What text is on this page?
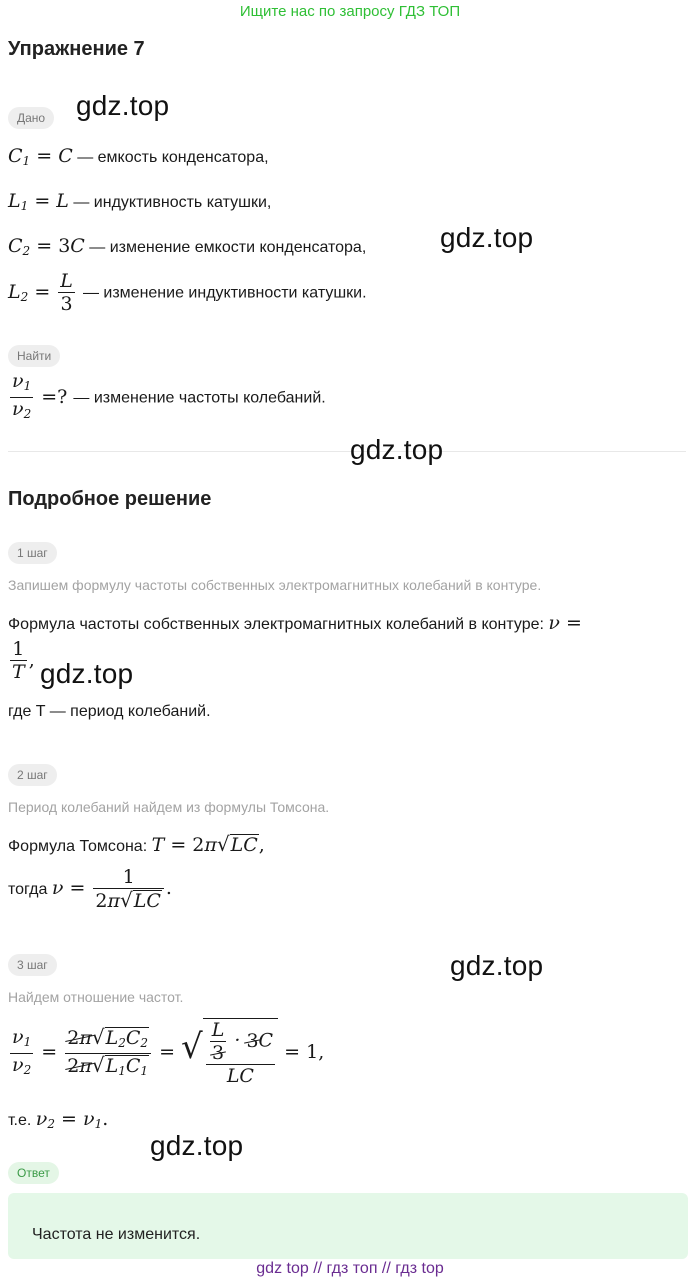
Ищите нас по запросу ГДЗ ТОП
Упражнение 7
Дано	gdz.top
$C_1 = C$ — емкость конденсатора,
$L_1 = L$ — индуктивность катушки,
$C_2 = 3C$ — изменение емкости конденсатора,	gdz.top
$L_2 = \frac{L}{3}$ — изменение индуктивности катушки.
Найти
$\frac{\nu_1}{\nu_2}$ =? — изменение частоты колебаний.
gdz.top
Подробное решение
1 шаг
Запишем формулу частоты собственных электромагнитных колебаний в контуре.
Формула частоты собственных электромагнитных колебаний в контуре: ν =
$\frac{1}{T}$ , gdz.top
где T — период колебаний.
2 шаг
Период колебаний найдем из формулы Томсона.
Формула Томсона: T = 2π√LC,
тогда $\nu = \frac{1}{2\pi√LC}$ .
3 шаг	gdz.top
Найдем отношение частот.
$\frac{\nu_1}{\nu_2} = \frac{2\pi√L_2C_2}{2\pi√L_1C_1}$ = √ $\frac{\frac{L}{3} \cdot 3C}{LC} = 1$,
т.е. $\nu_2 = \nu_1$.
gdz.top
Ответ
Частота не изменится.
gdz top // гдз топ // гдз top
